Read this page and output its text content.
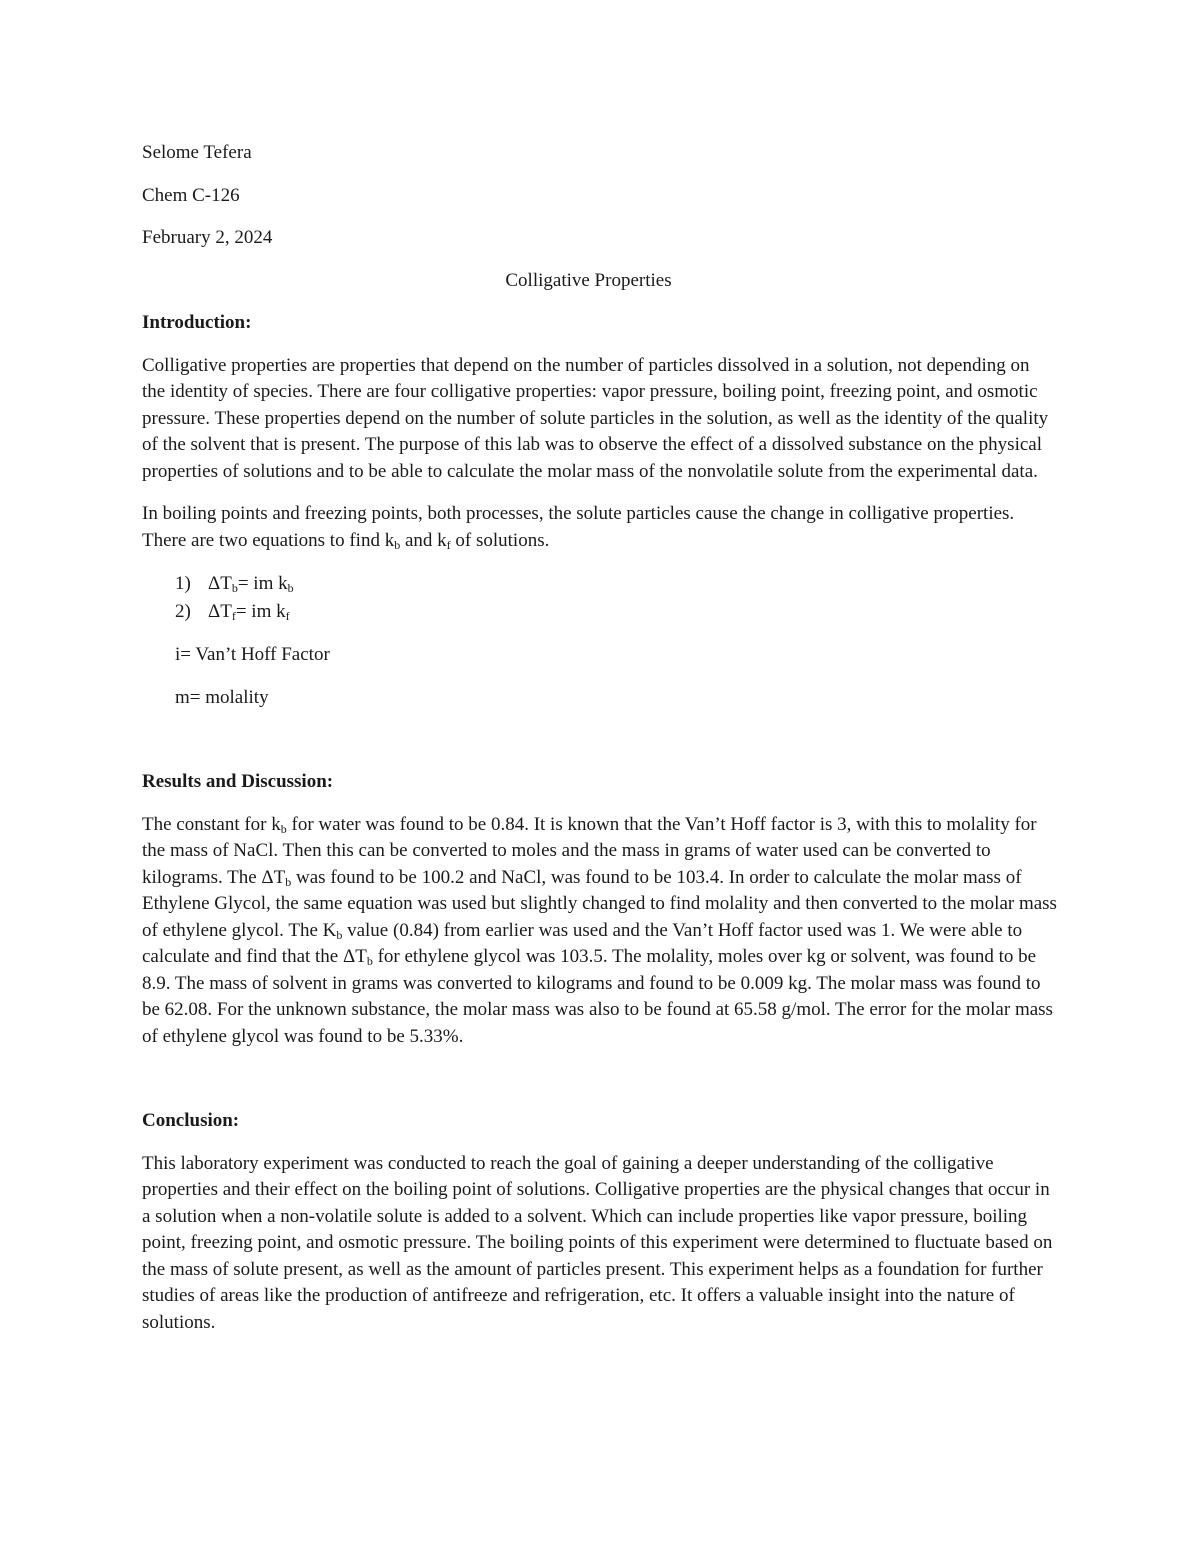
Selome Tefera

Chem C-126

February 2, 2024

Colligative Properties

Introduction:

Colligative properties are properties that depend on the number of particles dissolved in a solution, not depending on the identity of species. There are four colligative properties: vapor pressure, boiling point, freezing point, and osmotic pressure. These properties depend on the number of solute particles in the solution, as well as the identity of the quality of the solvent that is present. The purpose of this lab was to observe the effect of a dissolved substance on the physical properties of solutions and to be able to calculate the molar mass of the nonvolatile solute from the experimental data.

In boiling points and freezing points, both processes, the solute particles cause the change in colligative properties. There are two equations to find $k_b$ and $k_f$ of solutions.

1) $\Delta T_b=$ im $k_b$
2) $\Delta T_f=$ im $k_f$

i= Van’t Hoff Factor

m= molality

Results and Discussion:

The constant for $k_b$ for water was found to be 0.84. It is known that the Van’t Hoff factor is 3, with this to molality for the mass of NaCl. Then this can be converted to moles and the mass in grams of water used can be converted to kilograms. The $\Delta T_b$ was found to be 100.2 and NaCl, was found to be 103.4. In order to calculate the molar mass of Ethylene Glycol, the same equation was used but slightly changed to find molality and then converted to the molar mass of ethylene glycol. The $K_b$ value (0.84) from earlier was used and the Van’t Hoff factor used was 1. We were able to calculate and find that the $\Delta T_b$ for ethylene glycol was 103.5. The molality, moles over kg or solvent, was found to be 8.9. The mass of solvent in grams was converted to kilograms and found to be 0.009 kg. The molar mass was found to be 62.08. For the unknown substance, the molar mass was also to be found at 65.58 g/mol. The error for the molar mass of ethylene glycol was found to be 5.33%.

Conclusion:

This laboratory experiment was conducted to reach the goal of gaining a deeper understanding of the colligative properties and their effect on the boiling point of solutions. Colligative properties are the physical changes that occur in a solution when a non-volatile solute is added to a solvent. Which can include properties like vapor pressure, boiling point, freezing point, and osmotic pressure. The boiling points of this experiment were determined to fluctuate based on the mass of solute present, as well as the amount of particles present. This experiment helps as a foundation for further studies of areas like the production of antifreeze and refrigeration, etc. It offers a valuable insight into the nature of solutions.
